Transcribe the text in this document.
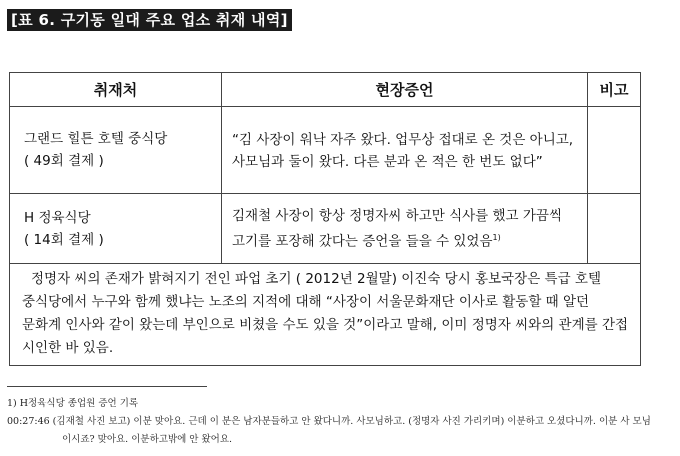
[표 6. 구기동 일대 주요 업소 취재 내역]
취재처	현장증언	비고

그랜드 힐튼 호텔 중식당
( 49회 결제 )	“김 사장이 워낙 자주 왔다. 업무상 접대로 온 것은 아니고, 사모님과 둘이 왔다. 다른 분과 온 적은 한 번도 없다”	

H 정육식당
( 14회 결제 )	김재철 사장이 항상 정명자씨 하고만 식사를 했고 가끔씩 고기를 포장해 갔다는 증언을 들을 수 있었음$^{1)}$	
정명자 씨의 존재가 밝혀지기 전인 파업 초기 ( 2012년 2월말) 이진숙 당시 홍보국장은 특급 호텔 중식당에서 누구와 함께 했냐는 노조의 지적에 대해 “사장이 서울문화재단 이사로 활동할 때 알던 문화계 인사와 같이 왔는데 부인으로 비쳤을 수도 있을 것”이라고 말해, 이미 정명자 씨와의 관계를 간접 시인한 바 있음.		
1) H정육식당 종업원 증언 기록
00:27:46 (김재철 사진 보고) 이분 맞아요. 근데 이 분은 남자분들하고 안 왔다니까. 사모님하고. (정명자 사진 가리키며) 이분하고 오셨다니까. 이분 사 모님
이시죠? 맞아요. 이분하고밖에 안 왔어요.
